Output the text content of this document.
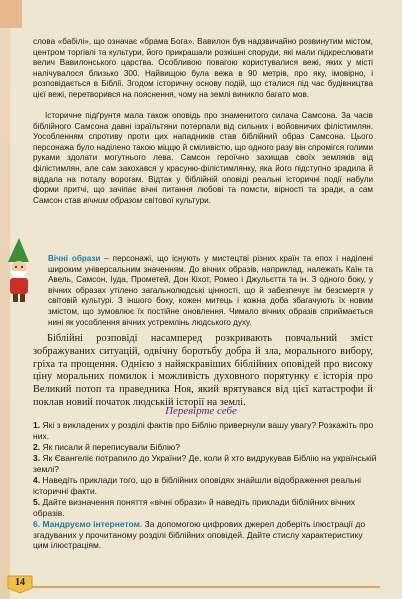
слова «бабілі», що означає «брама Бога». Вавилон був надзвичайно розвинутим містом, центром торгівлі та культури, його прикрашали розкішні споруди, які мали підкреслювати велич Вавилонського царства. Особливою повагою користувалися вежі, яких у місті налічувалося близько 300. Найвищою була вежа в 90 метрів, про яку, імовірно, і розповідається в Біблії. Згодом історичну основу подій, що сталися під час будівництва цієї вежі, перетворився на пояснення, чому на землі виникло багато мов.

Історичне підґрунтя мала також оповідь про знаменитого силача Самсона. За часів біблійного Самсона давні ізраїльтяни потерпали від сильних і войовничих філістимлян. Уособленням спротиву проти цих нападників став біблійний образ Самсона. Цього персонажа було наділено такою міццю й сміливістю, що одного разу він спромігся голими руками здолати могутнього лева. Самсон героїчно захищав своїх земляків від філістимлян, але сам закохався у красуню-філістимлянку, яка його підступно зрадила й віддала на поталу ворогам. Відтак у біблійній оповіді реальні історичні події набули форми притчі, що зачіпає вічні питання любові та помсти, вірності та зради, а сам Самсон став вічним образом світової культури.

Вічні образи – персонажі, що існують у мистецтві різних країн та епох і наділені широким універсальним значенням. До вічних образів, наприклад, належать Каїн та Авель, Самсон, Іуда, Прометей, Дон Кіхот, Ромео і Джульєтта та ін. З одного боку, у вічних образах утілено загальнолюдські цінності, що й забезпечує їм безсмертя у світовій культурі. З іншого боку, кожен митець і кожна доба збагачують їх новим змістом, що зумовлює їх постійне оновлення. Чимало вічних образів сприймається нині як уособлення вічних устремлінь людського духу.

Біблійні розповіді насамперед розкривають повчальний зміст зображуваних ситуацій, одвічну боротьбу добра й зла, морального вибору, гріха та прощення. Однією з найяскравіших біблійних оповідей про високу ціну моральних помилок і можливість духовного порятунку є історія про Великий потоп та праведника Ноя, який врятувався від цієї катастрофи й поклав новий початок людській історії на землі.

Перевірте себе

1. Які з викладених у розділі фактів про Біблію привернули вашу увагу? Розкажіть про них.

2. Як писали й переписували Біблію?

3. Як Євангеліє потрапило до України? Де, коли й хто видрукував Біблію на українській землі?

4. Наведіть приклади того, що в біблійних оповідях знайшли відображення реальні історичні факти.

5. Дайте визначення поняття «вічні образи» й наведіть приклади біблійних вічних образів.

6. Мандруємо інтернетом. За допомогою цифрових джерел доберіть ілюстрації до згадуваних у прочитаному розділі біблійних оповідей. Дайте стислу характеристику цим ілюстраціям.

14
